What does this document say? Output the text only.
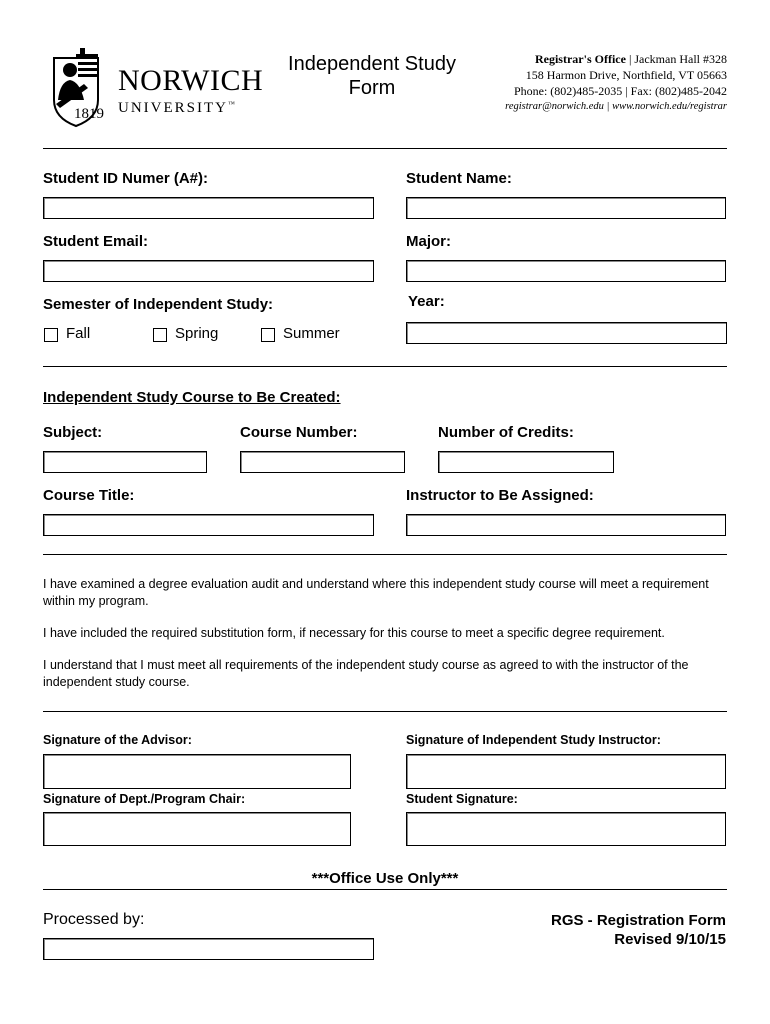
NORWICH
1819 UNIVERSITY™
Independent Study
Form
Registrar's Office | Jackman Hall #328
158 Harmon Drive, Northfield, VT 05663
Phone: (802)485-2035 | Fax: (802)485-2042
registrar@norwich.edu | www.norwich.edu/registrar
Student ID Numer (A#):	Student Name:
Student Email:	Major:
Semester of Independent Study:	Year:
Fall	Spring	Summer
Independent Study Course to Be Created:
Subject:	Course Number:	Number of Credits:
Course Title:	Instructor to Be Assigned:

I have examined a degree evaluation audit and understand where this independent study course will meet a requirement within my program.

I have included the required substitution form, if necessary for this course to meet a specific degree requirement.

I understand that I must meet all requirements of the independent study course as agreed to with the instructor of the independent study course.

Signature of the Advisor:	Signature of Independent Study Instructor:
Signature of Dept./Program Chair:	Student Signature:
***Office Use Only***
Processed by:	RGS - Registration Form
Revised 9/10/15
